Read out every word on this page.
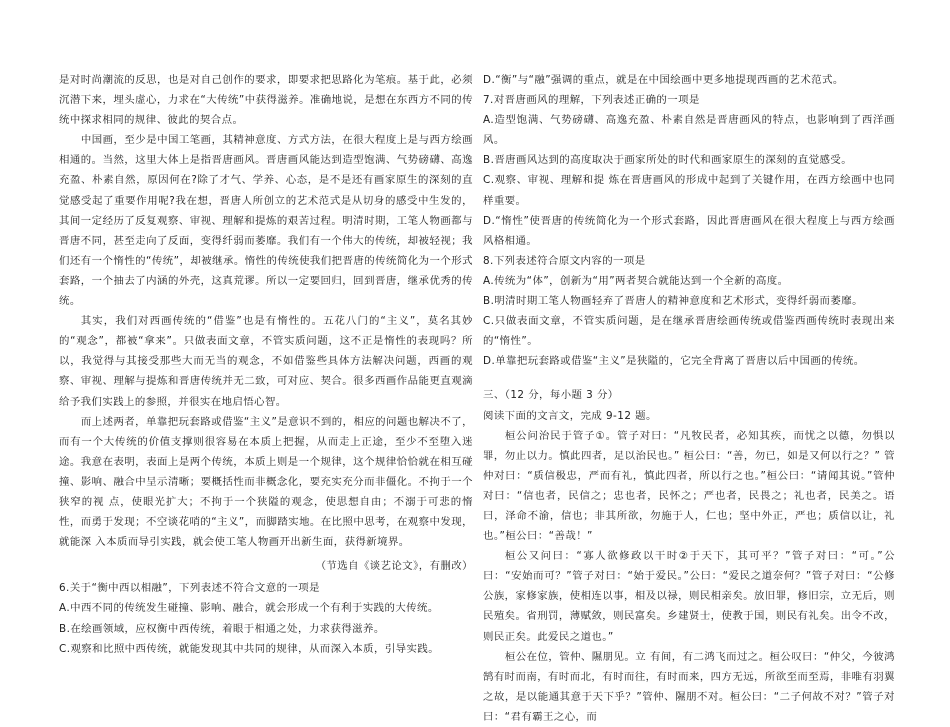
是对时尚潮流的反思，也是对自己创作的要求，即要求把思路化为笔痕。基于此，必须沉潜下来，埋头虚心，力求在“大传统”中获得滋养。准确地说，是想在东西方不同的传统中探求相同的规律、彼此的契合点。

中国画，至少是中国工笔画，其精神意度、方式方法，在很大程度上是与西方绘画相通的。当然，这里大体上是指晋唐画风。晋唐画风能达到造型饱满、气势磅礴、高逸充盈、朴素自然，原因何在?除了才气、学养、心态，是不是还有画家原生的深刻的直觉感受起了重要作用呢?我在想，晋唐人所创立的艺术范式是从切身的感受中生发的，其间一定经历了反复观察、审视、理解和提炼的艰苦过程。明清时期，工笔人物画都与晋唐不同，甚至走向了反面，变得纤弱而萎靡。我们有一个伟大的传统，却被轻视；我们还有一个惰性的“传统”，却被继承。惰性的传统使我们把晋唐的传统简化为一个形式套路，一个抽去了内涵的外壳，这真荒谬。所以一定要回归，回到晋唐，继承优秀的传统。

其实，我们对西画传统的“借鉴”也是有惰性的。五花八门的“主义”，莫名其妙的“观念”，都被“拿来”。只做表面文章，不管实质问题，这不正是惰性的表现吗？所以，我觉得与其接受那些大而无当的观念，不如借鉴些具体方法解决问题，西画的观察、审视、理解与提炼和晋唐传统并无二致，可对应、契合。很多西画作品能更直观滴给予我们实践上的参照，并很实在地启悟心智。

而上述两者，单靠把玩套路或借鉴“主义”是意识不到的，相应的问题也解决不了，而有一个大传统的价值支撑则很容易在本质上把握，从而走上正途，至少不至堕入迷途。我意在表明，表面上是两个传统，本质上则是一个规律，这个规律恰恰就在相互碰撞、影响、融合中呈示清晰；要概括性而非概念化，要充实充分而非僵化。不拘于一个狭窄的视 点，使眼光扩大；不拘于一个狭隘的观念，使思想自由；不溺于可悲的惰性，而勇于发现；不空谈花哨的“主义”，而脚踏实地。在比照中思考，在观察中发现，就能深 入本质而导引实践，就会使工笔人物画开出新生面，获得新境界。

（节选自《谈艺论文》，有删改）

6.关于“衡中西以相融”，下列表述不符合文意的一项是

A.中西不同的传统发生碰撞、影响、融合，就会形成一个有利于实践的大传统。

B.在绘画领域，应权衡中西传统，着眼于相通之处，力求获得滋养。

C.观察和比照中西传统，就能发现其中共同的规律，从而深入本质，引导实践。

D.“衡”与“融”强调的重点，就是在中国绘画中更多地提现西画的艺术范式。

7.对晋唐画风的理解，下列表述正确的一项是

A.造型饱满、气势磅礴、高逸充盈、朴素自然是晋唐画风的特点，也影响到了西洋画风。

B.晋唐画风达到的高度取决于画家所处的时代和画家原生的深刻的直觉感受。

C.观察、审视、理解和提 炼在晋唐画风的形成中起到了关键作用，在西方绘画中也同样重要。

D.“惰性”使晋唐的传统简化为一个形式套路，因此晋唐画风在很大程度上与西方绘画风格相通。

8.下列表述符合原文内容的一项是

A.传统为“体”，创新为“用”两者契合就能达到一个全新的高度。

B.明清时期工笔人物画轻弃了晋唐人的精神意度和艺术形式，变得纤弱而萎靡。

C.只做表面文章，不管实质问题，是在继承晋唐绘画传统或借鉴西画传统时表现出来的“惰性”。

D.单靠把玩套路或借鉴“主义”是狭隘的，它完全背离了晋唐以后中国画的传统。

三、（12 分，每小题 3 分）

阅读下面的文言文，完成 9-12 题。

桓公问治民于管子①。管子对曰：“凡牧民者，必知其疾，而忧之以德，勿惧以罪，勿止以力。慎此四者，足以治民也。” 桓公曰：“善，勿已，如是又何以行之？” 管仲对曰：“质信极忠，严而有礼，慎此四者，所以行之也。”桓公曰：“请闻其说。”管仲对曰：“信也者，民信之；忠也者，民怀之；严也者，民畏之；礼也者，民美之。语曰，泽命不渝，信也；非其所欲，勿施于人，仁也；坚中外正，严也；质信以让，礼也。”桓公曰：“善哉！”

桓公又问曰：“寡人欲修政以干时②于天下，其可平？”管子对曰：“可。”公曰：“安始而可？”管子对曰：“始于爱民。”公曰：“爱民之道奈何？”管子对曰：“公修公族，家修家族，使相连以事，相及以禄，则民相亲矣。放旧罪，修旧宗，立无后，则民殖矣。省刑罚，薄赋敛，则民富矣。乡建贤士，使教于国，则民有礼矣。出令不改，则民正矣。此爱民之道也。”

桓公在位，管仲、隰朋见。立 有间，有二鸿飞而过之。桓公叹曰：“仲父，今彼鸿鹄有时而南，有时而北，有时而往，有时而来，四方无远，所欲至而至焉，非唯有羽翼之故，是以能通其意于天下乎？”管仲、隰朋不对。桓公曰：“二子何故不对？”管子对曰：“君有霸王之心，而
